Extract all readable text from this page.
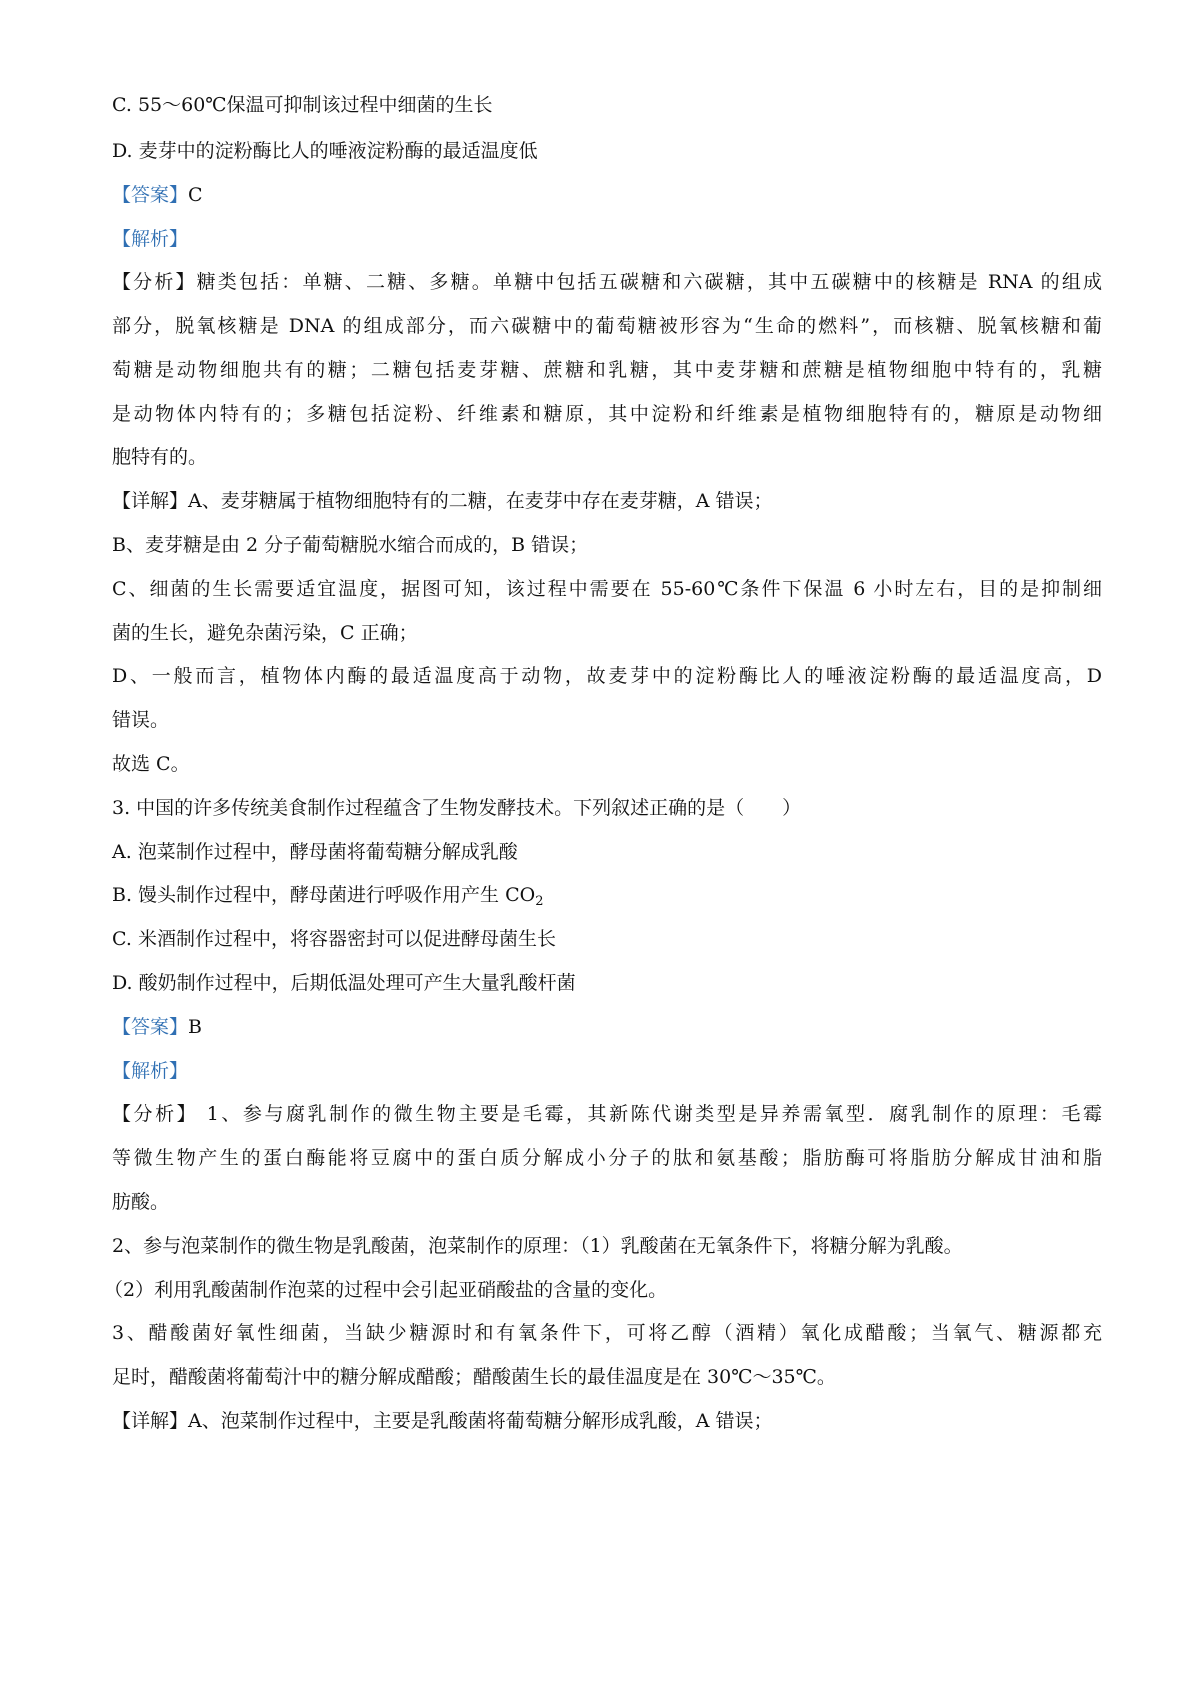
C. 55～60℃保温可抑制该过程中细菌的生长
D. 麦芽中的淀粉酶比人的唾液淀粉酶的最适温度低
【答案】C
【解析】
【分析】糖类包括：单糖、二糖、多糖。单糖中包括五碳糖和六碳糖，其中五碳糖中的核糖是 RNA 的组成
部分，脱氧核糖是 DNA 的组成部分，而六碳糖中的葡萄糖被形容为“生命的燃料”，而核糖、脱氧核糖和葡
萄糖是动物细胞共有的糖；二糖包括麦芽糖、蔗糖和乳糖，其中麦芽糖和蔗糖是植物细胞中特有的，乳糖
是动物体内特有的；多糖包括淀粉、纤维素和糖原，其中淀粉和纤维素是植物细胞特有的，糖原是动物细
胞特有的。
【详解】A、麦芽糖属于植物细胞特有的二糖，在麦芽中存在麦芽糖，A 错误；
B、麦芽糖是由 2 分子葡萄糖脱水缩合而成的，B 错误；
C、细菌的生长需要适宜温度，据图可知，该过程中需要在 55-60℃条件下保温 6 小时左右，目的是抑制细
菌的生长，避免杂菌污染，C 正确；
D、一般而言，植物体内酶的最适温度高于动物，故麦芽中的淀粉酶比人的唾液淀粉酶的最适温度高，D
错误。
故选 C。
3. 中国的许多传统美食制作过程蕴含了生物发酵技术。下列叙述正确的是（　　）
A. 泡菜制作过程中，酵母菌将葡萄糖分解成乳酸
B. 馒头制作过程中，酵母菌进行呼吸作用产生 $CO_2$
C. 米酒制作过程中，将容器密封可以促进酵母菌生长
D. 酸奶制作过程中，后期低温处理可产生大量乳酸杆菌
【答案】B
【解析】
【分析】 1、参与腐乳制作的微生物主要是毛霉，其新陈代谢类型是异养需氧型．腐乳制作的原理：毛霉
等微生物产生的蛋白酶能将豆腐中的蛋白质分解成小分子的肽和氨基酸；脂肪酶可将脂肪分解成甘油和脂
肪酸。
2、参与泡菜制作的微生物是乳酸菌，泡菜制作的原理：（1）乳酸菌在无氧条件下，将糖分解为乳酸。
（2）利用乳酸菌制作泡菜的过程中会引起亚硝酸盐的含量的变化。
3、醋酸菌好氧性细菌，当缺少糖源时和有氧条件下，可将乙醇（酒精）氧化成醋酸；当氧气、糖源都充
足时，醋酸菌将葡萄汁中的糖分解成醋酸；醋酸菌生长的最佳温度是在 30℃～35℃。
【详解】A、泡菜制作过程中，主要是乳酸菌将葡萄糖分解形成乳酸，A 错误；
